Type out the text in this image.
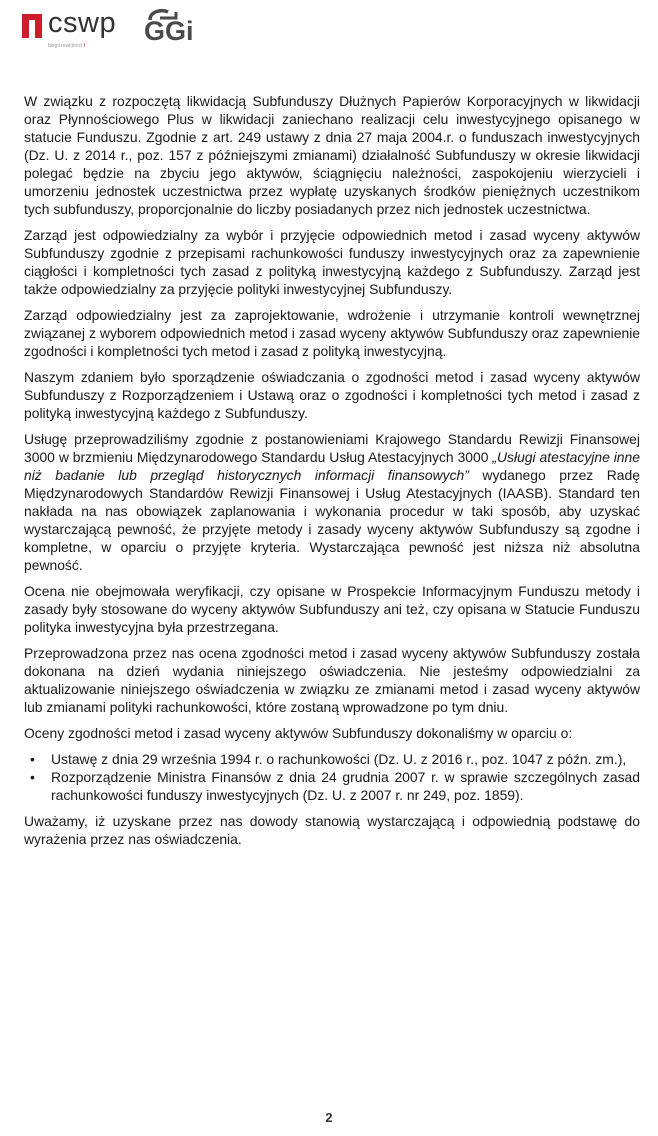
cswp
biegli rewidenci I GGi

W związku z rozpoczętą likwidacją Subfunduszy Dłużnych Papierów Korporacyjnych w likwidacji oraz Płynnościowego Plus w likwidacji zaniechano realizacji celu inwestycyjnego opisanego w statucie Funduszu. Zgodnie z art. 249 ustawy z dnia 27 maja 2004.r. o funduszach inwestycyjnych (Dz. U. z 2014 r., poz. 157 z późniejszymi zmianami) działalność Subfunduszy w okresie likwidacji polegać będzie na zbyciu jego aktywów, ściągnięciu należności, zaspokojeniu wierzycieli i umorzeniu jednostek uczestnictwa przez wypłatę uzyskanych środków pieniężnych uczestnikom tych subfunduszy, proporcjonalnie do liczby posiadanych przez nich jednostek uczestnictwa.

Zarząd jest odpowiedzialny za wybór i przyjęcie odpowiednich metod i zasad wyceny aktywów Subfunduszy zgodnie z przepisami rachunkowości funduszy inwestycyjnych oraz za zapewnienie ciągłości i kompletności tych zasad z polityką inwestycyjną każdego z Subfunduszy. Zarząd jest także odpowiedzialny za przyjęcie polityki inwestycyjnej Subfunduszy.

Zarząd odpowiedzialny jest za zaprojektowanie, wdrożenie i utrzymanie kontroli wewnętrznej związanej z wyborem odpowiednich metod i zasad wyceny aktywów Subfunduszy oraz zapewnienie zgodności i kompletności tych metod i zasad z polityką inwestycyjną.

Naszym zdaniem było sporządzenie oświadczania o zgodności metod i zasad wyceny aktywów Subfunduszy z Rozporządzeniem i Ustawą oraz o zgodności i kompletności tych metod i zasad z polityką inwestycyjną każdego z Subfunduszy.

Usługę przeprowadziliśmy zgodnie z postanowieniami Krajowego Standardu Rewizji Finansowej 3000 w brzmieniu Międzynarodowego Standardu Usług Atestacyjnych 3000 „Usługi atestacyjne inne niż badanie lub przegląd historycznych informacji finansowych” wydanego przez Radę Międzynarodowych Standardów Rewizji Finansowej i Usług Atestacyjnych (IAASB). Standard ten nakłada na nas obowiązek zaplanowania i wykonania procedur w taki sposób, aby uzyskać wystarczającą pewność, że przyjęte metody i zasady wyceny aktywów Subfunduszy są zgodne i kompletne, w oparciu o przyjęte kryteria. Wystarczająca pewność jest niższa niż absolutna pewność.

Ocena nie obejmowała weryfikacji, czy opisane w Prospekcie Informacyjnym Funduszu metody i zasady były stosowane do wyceny aktywów Subfunduszy ani też, czy opisana w Statucie Funduszu polityka inwestycyjna była przestrzegana.

Przeprowadzona przez nas ocena zgodności metod i zasad wyceny aktywów Subfunduszy została dokonana na dzień wydania niniejszego oświadczenia. Nie jesteśmy odpowiedzialni za aktualizowanie niniejszego oświadczenia w związku ze zmianami metod i zasad wyceny aktywów lub zmianami polityki rachunkowości, które zostaną wprowadzone po tym dniu.

Oceny zgodności metod i zasad wyceny aktywów Subfunduszy dokonaliśmy w oparciu o:

• Ustawę z dnia 29 września 1994 r. o rachunkowości (Dz. U. z 2016 r., poz. 1047 z późn. zm.),
• Rozporządzenie Ministra Finansów z dnia 24 grudnia 2007 r. w sprawie szczególnych zasad rachunkowości funduszy inwestycyjnych (Dz. U. z 2007 r. nr 249, poz. 1859).

Uważamy, iż uzyskane przez nas dowody stanowią wystarczającą i odpowiednią podstawę do wyrażenia przez nas oświadczenia.

2
